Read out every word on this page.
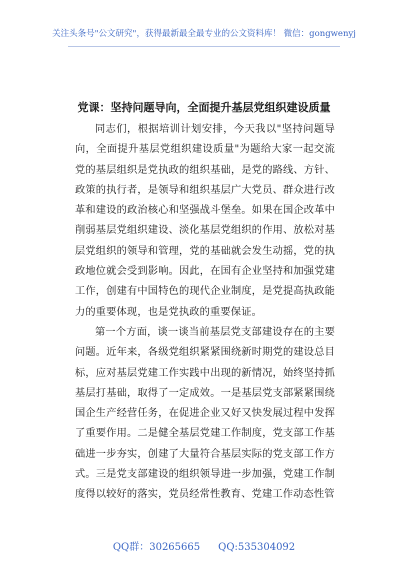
关注头条号"公文研究"，获得最新最全最专业的公文资料库！ 微信：gongwenyj
党课：坚持问题导向，全面提升基层党组织建设质量

同志们，根据培训计划安排，今天我以"坚持问题导向，全面提升基层党组织建设质量"为题给大家一起交流党的基层组织是党执政的组织基础，是党的路线、方针、政策的执行者，是领导和组织基层广大党员、群众进行改革和建设的政治核心和坚强战斗堡垒。如果在国企改革中削弱基层党组织建设、淡化基层党组织的作用、放松对基层党组织的领导和管理，党的基础就会发生动摇，党的执政地位就会受到影响。因此，在国有企业坚持和加强党建工作，创建有中国特色的现代企业制度，是党提高执政能力的重要体现，也是党执政的重要保证。

第一个方面，谈一谈当前基层党支部建设存在的主要问题。近年来，各级党组织紧紧围绕新时期党的建设总目标，应对基层党建工作实践中出现的新情况，始终坚持抓基层打基础，取得了一定成效。一是基层党支部紧紧围绕国企生产经营任务，在促进企业又好又快发展过程中发挥了重要作用。二是健全基层党建工作制度，党支部工作基础进一步夯实，创建了大量符合基层实际的党支部工作方式。三是党支部建设的组织领导进一步加强，党建工作制度得以较好的落实，党员经常性教育、党建工作动态性管

QQ群：30265665 QQ:535304092
